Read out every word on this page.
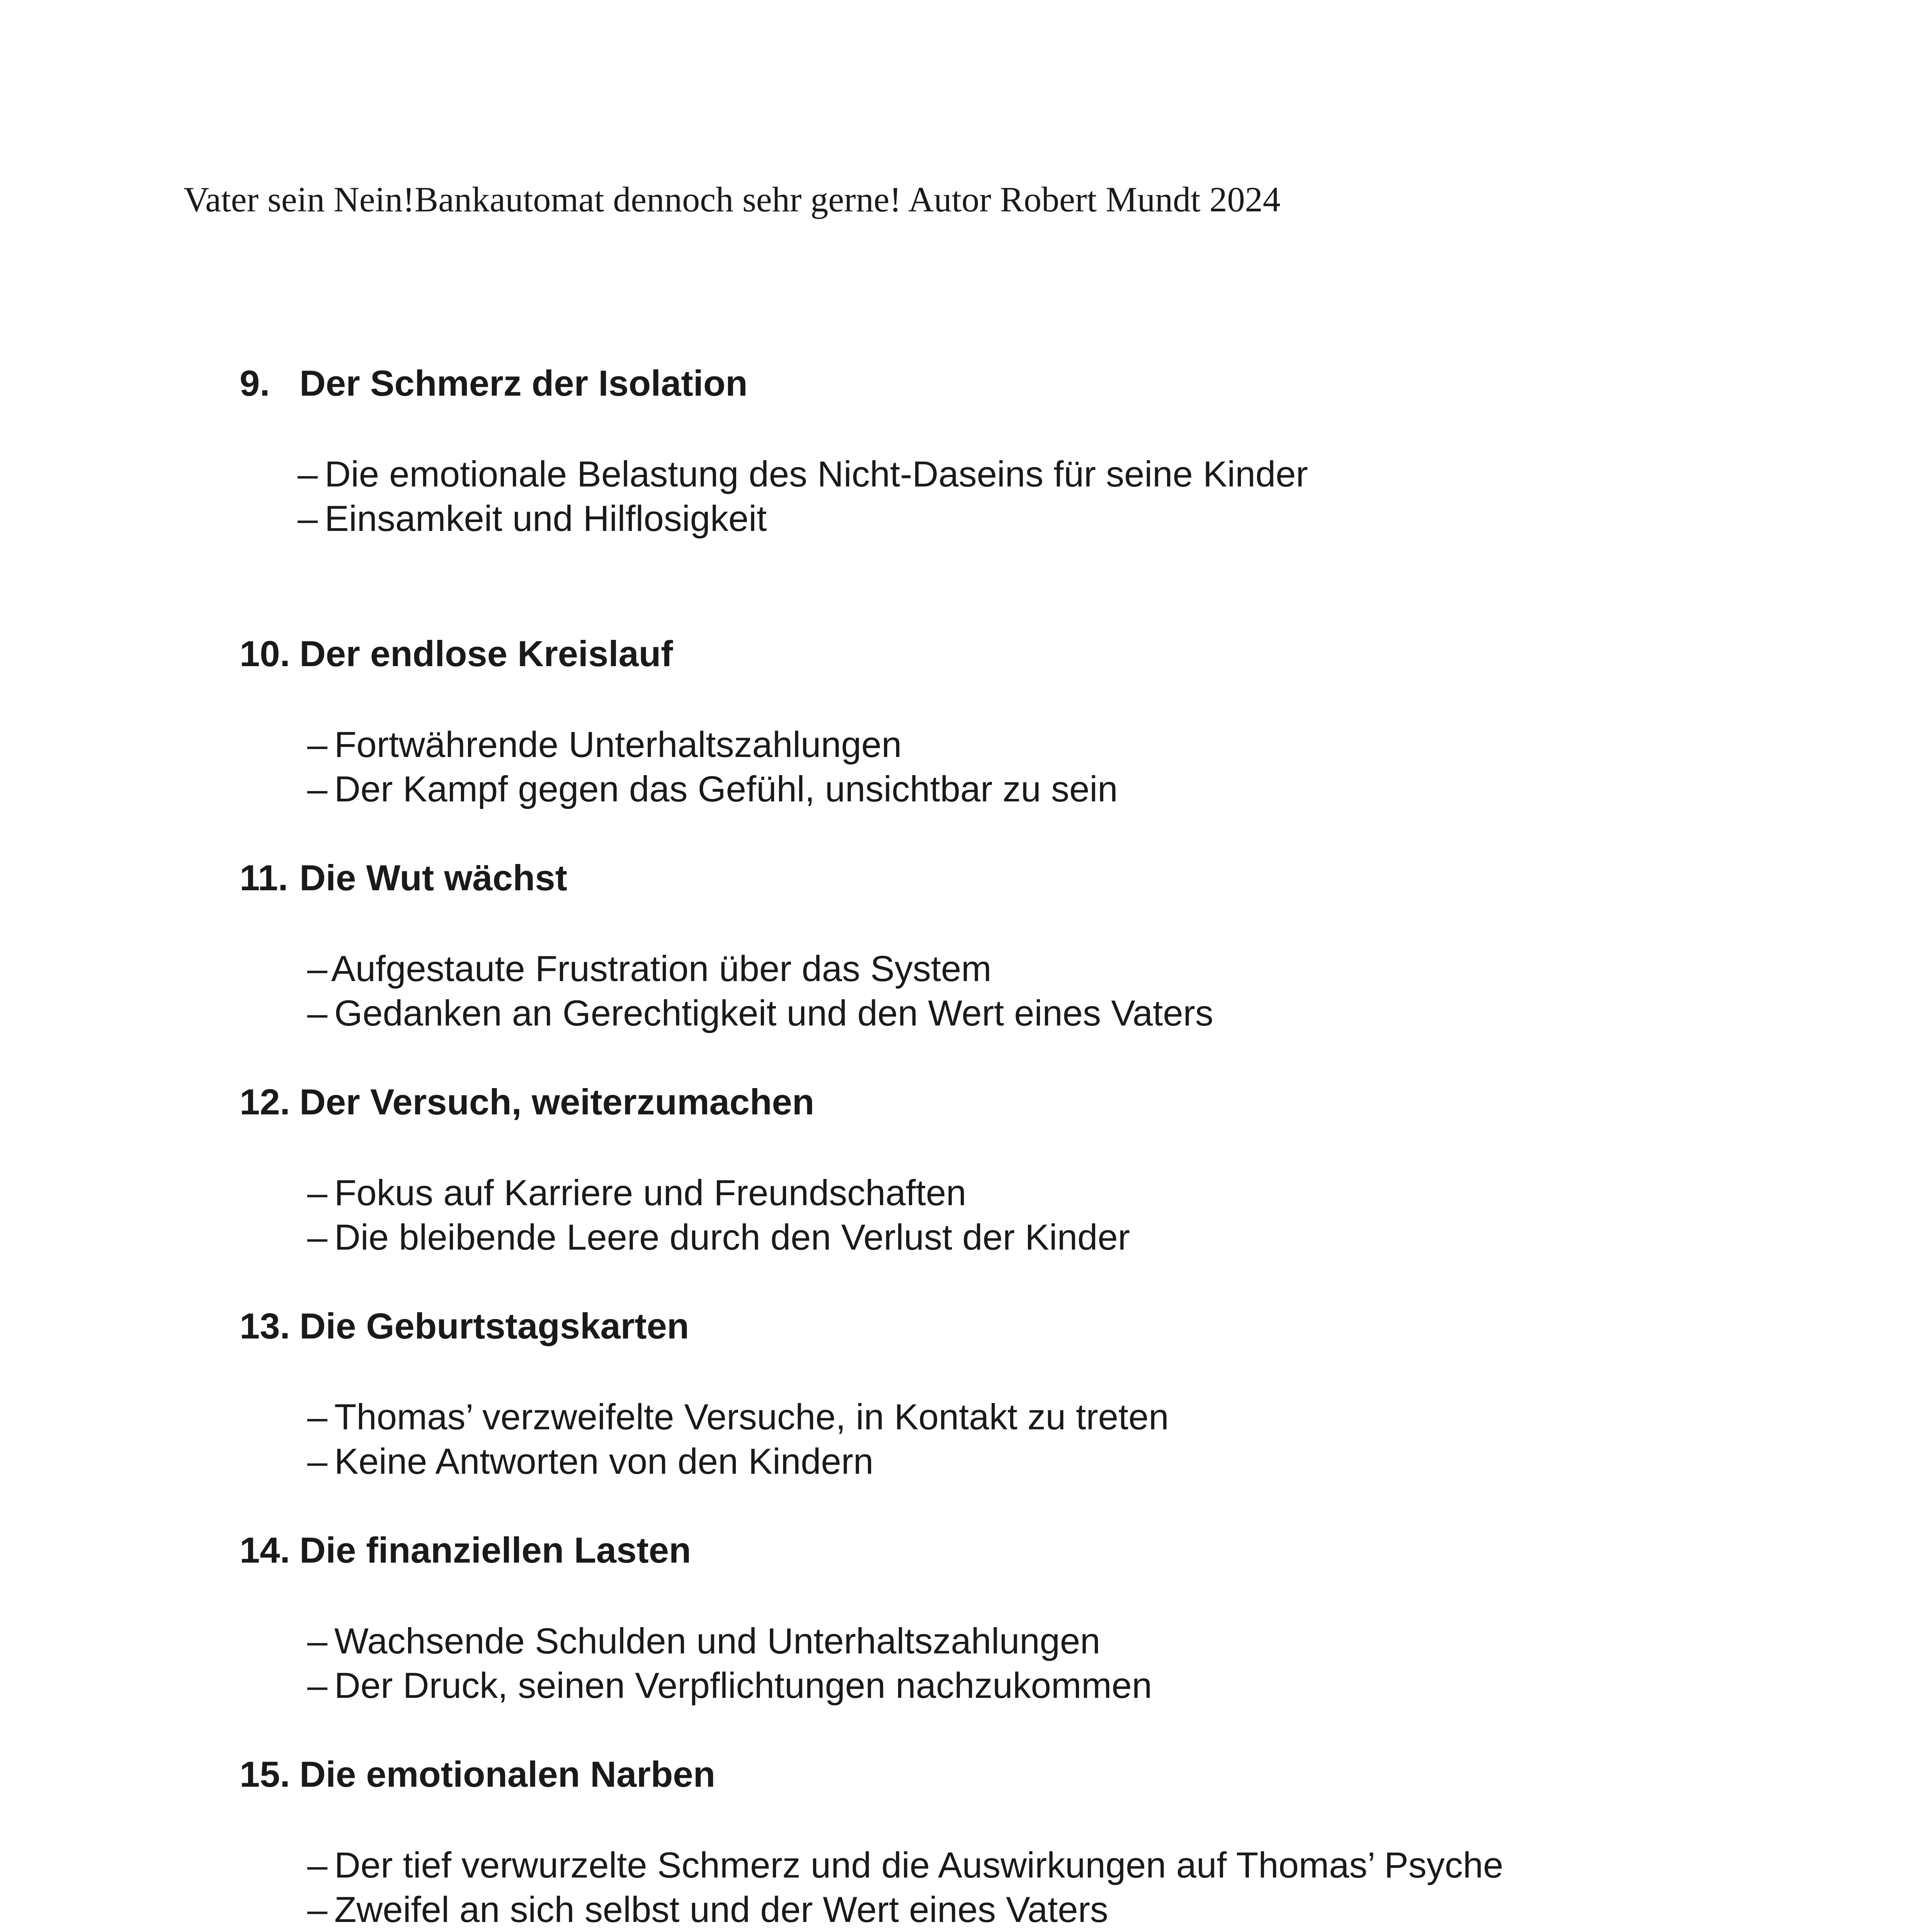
Vater sein Nein!Bankautomat dennoch sehr gerne! Autor Robert Mundt 2024
9. Der Schmerz der Isolation
– Die emotionale Belastung des Nicht-Daseins für seine Kinder
– Einsamkeit und Hilflosigkeit
10. Der endlose Kreislauf
– Fortwährende Unterhaltszahlungen
– Der Kampf gegen das Gefühl, unsichtbar zu sein
11. Die Wut wächst
– Aufgestaute Frustration über das System
– Gedanken an Gerechtigkeit und den Wert eines Vaters
12. Der Versuch, weiterzumachen
– Fokus auf Karriere und Freundschaften
– Die bleibende Leere durch den Verlust der Kinder
13. Die Geburtstagskarten
– Thomas’ verzweifelte Versuche, in Kontakt zu treten
– Keine Antworten von den Kindern
14. Die finanziellen Lasten
– Wachsende Schulden und Unterhaltszahlungen
– Der Druck, seinen Verpflichtungen nachzukommen
15. Die emotionalen Narben
– Der tief verwurzelte Schmerz und die Auswirkungen auf Thomas’ Psyche
– Zweifel an sich selbst und der Wert eines Vaters
